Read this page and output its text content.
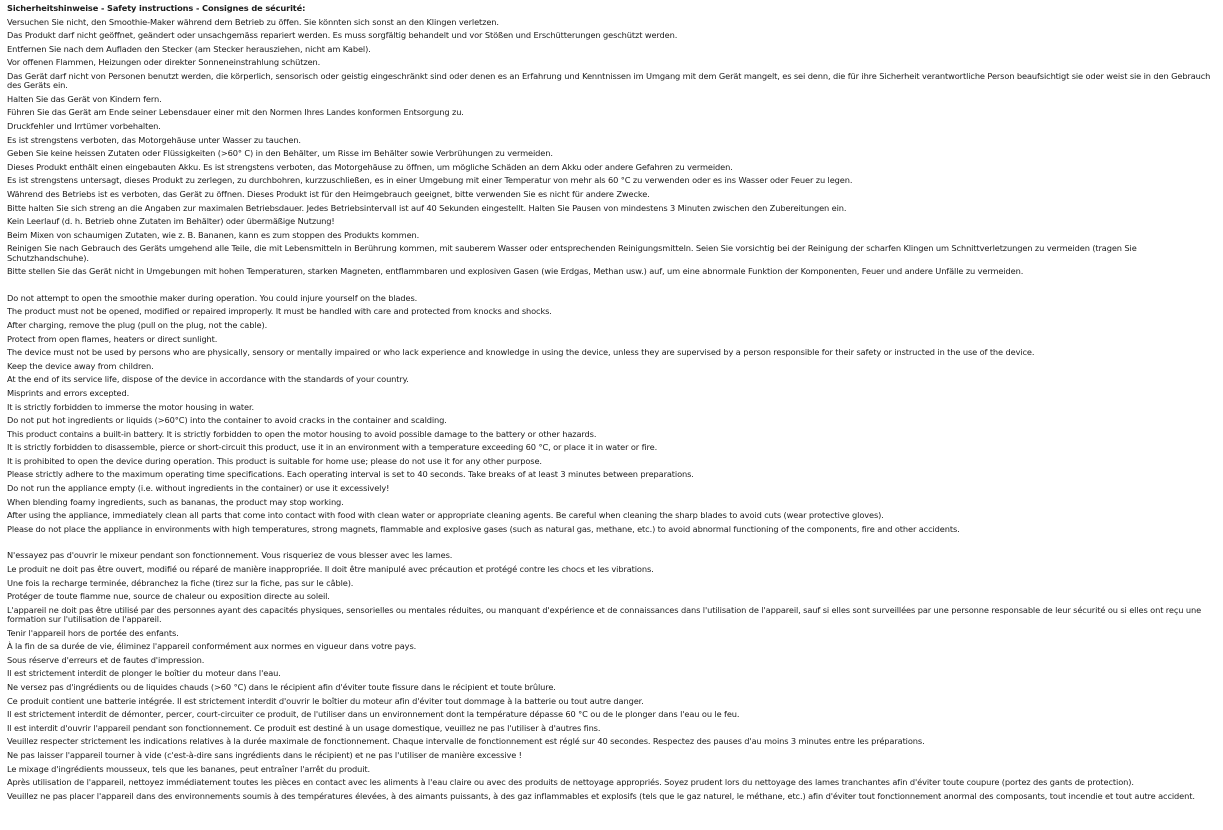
Sicherheitshinweise - Safety instructions - Consignes de sécurité:
Versuchen Sie nicht, den Smoothie-Maker während dem Betrieb zu öffen. Sie könnten sich sonst an den Klingen verletzen.
Das Produkt darf nicht geöffnet, geändert oder unsachgemäss repariert werden. Es muss sorgfältig behandelt und vor Stößen und Erschütterungen geschützt werden.
Entfernen Sie nach dem Aufladen den Stecker (am Stecker herausziehen, nicht am Kabel).
Vor offenen Flammen, Heizungen oder direkter Sonneneinstrahlung schützen.
Das Gerät darf nicht von Personen benutzt werden, die körperlich, sensorisch oder geistig eingeschränkt sind oder denen es an Erfahrung und Kenntnissen im Umgang mit dem Gerät mangelt, es sei denn, die für ihre Sicherheit verantwortliche Person beaufsichtigt sie oder weist sie in den Gebrauch des Geräts ein.
Halten Sie das Gerät von Kindern fern.
Führen Sie das Gerät am Ende seiner Lebensdauer einer mit den Normen Ihres Landes konformen Entsorgung zu.
Druckfehler und Irrtümer vorbehalten.
Es ist strengstens verboten, das Motorgehäuse unter Wasser zu tauchen.
Geben Sie keine heissen Zutaten oder Flüssigkeiten (>60° C) in den Behälter, um Risse im Behälter sowie Verbrühungen zu vermeiden.
Dieses Produkt enthält einen eingebauten Akku. Es ist strengstens verboten, das Motorgehäuse zu öffnen, um mögliche Schäden an dem Akku oder andere Gefahren zu vermeiden.
Es ist strengstens untersagt, dieses Produkt zu zerlegen, zu durchbohren, kurzzuschließen, es in einer Umgebung mit einer Temperatur von mehr als 60 °C zu verwenden oder es ins Wasser oder Feuer zu legen.
Während des Betriebs ist es verboten, das Gerät zu öffnen. Dieses Produkt ist für den Heimgebrauch geeignet, bitte verwenden Sie es nicht für andere Zwecke.
Bitte halten Sie sich streng an die Angaben zur maximalen Betriebsdauer. Jedes Betriebsintervall ist auf 40 Sekunden eingestellt. Halten Sie Pausen von mindestens 3 Minuten zwischen den Zubereitungen ein.
Kein Leerlauf (d. h. Betrieb ohne Zutaten im Behälter) oder übermäßige Nutzung!
Beim Mixen von schaumigen Zutaten, wie z. B. Bananen, kann es zum stoppen des Produkts kommen.
Reinigen Sie nach Gebrauch des Geräts umgehend alle Teile, die mit Lebensmitteln in Berührung kommen, mit sauberem Wasser oder entsprechenden Reinigungsmitteln. Seien Sie vorsichtig bei der Reinigung der scharfen Klingen um Schnittverletzungen zu vermeiden (tragen Sie Schutzhandschuhe).
Bitte stellen Sie das Gerät nicht in Umgebungen mit hohen Temperaturen, starken Magneten, entflammbaren und explosiven Gasen (wie Erdgas, Methan usw.) auf, um eine abnormale Funktion der Komponenten, Feuer und andere Unfälle zu vermeiden.
Do not attempt to open the smoothie maker during operation. You could injure yourself on the blades.
The product must not be opened, modified or repaired improperly. It must be handled with care and protected from knocks and shocks.
After charging, remove the plug (pull on the plug, not the cable).
Protect from open flames, heaters or direct sunlight.
The device must not be used by persons who are physically, sensory or mentally impaired or who lack experience and knowledge in using the device, unless they are supervised by a person responsible for their safety or instructed in the use of the device.
Keep the device away from children.
At the end of its service life, dispose of the device in accordance with the standards of your country.
Misprints and errors excepted.
It is strictly forbidden to immerse the motor housing in water.
Do not put hot ingredients or liquids (>60°C) into the container to avoid cracks in the container and scalding.
This product contains a built-in battery. It is strictly forbidden to open the motor housing to avoid possible damage to the battery or other hazards.
It is strictly forbidden to disassemble, pierce or short-circuit this product, use it in an environment with a temperature exceeding 60 °C, or place it in water or fire.
It is prohibited to open the device during operation. This product is suitable for home use; please do not use it for any other purpose.
Please strictly adhere to the maximum operating time specifications. Each operating interval is set to 40 seconds. Take breaks of at least 3 minutes between preparations.
Do not run the appliance empty (i.e. without ingredients in the container) or use it excessively!
When blending foamy ingredients, such as bananas, the product may stop working.
After using the appliance, immediately clean all parts that come into contact with food with clean water or appropriate cleaning agents. Be careful when cleaning the sharp blades to avoid cuts (wear protective gloves).
Please do not place the appliance in environments with high temperatures, strong magnets, flammable and explosive gases (such as natural gas, methane, etc.) to avoid abnormal functioning of the components, fire and other accidents.
N'essayez pas d'ouvrir le mixeur pendant son fonctionnement. Vous risqueriez de vous blesser avec les lames.
Le produit ne doit pas être ouvert, modifié ou réparé de manière inappropriée. Il doit être manipulé avec précaution et protégé contre les chocs et les vibrations.
Une fois la recharge terminée, débranchez la fiche (tirez sur la fiche, pas sur le câble).
Protéger de toute flamme nue, source de chaleur ou exposition directe au soleil.
L'appareil ne doit pas être utilisé par des personnes ayant des capacités physiques, sensorielles ou mentales réduites, ou manquant d'expérience et de connaissances dans l'utilisation de l'appareil, sauf si elles sont surveillées par une personne responsable de leur sécurité ou si elles ont reçu une formation sur l'utilisation de l'appareil.
Tenir l'appareil hors de portée des enfants.
À la fin de sa durée de vie, éliminez l'appareil conformément aux normes en vigueur dans votre pays.
Sous réserve d'erreurs et de fautes d'impression.
Il est strictement interdit de plonger le boîtier du moteur dans l'eau.
Ne versez pas d'ingrédients ou de liquides chauds (>60 °C) dans le récipient afin d'éviter toute fissure dans le récipient et toute brûlure.
Ce produit contient une batterie intégrée. Il est strictement interdit d'ouvrir le boîtier du moteur afin d'éviter tout dommage à la batterie ou tout autre danger.
Il est strictement interdit de démonter, percer, court-circuiter ce produit, de l'utiliser dans un environnement dont la température dépasse 60 °C ou de le plonger dans l'eau ou le feu.
Il est interdit d'ouvrir l'appareil pendant son fonctionnement. Ce produit est destiné à un usage domestique, veuillez ne pas l'utiliser à d'autres fins.
Veuillez respecter strictement les indications relatives à la durée maximale de fonctionnement. Chaque intervalle de fonctionnement est réglé sur 40 secondes. Respectez des pauses d'au moins 3 minutes entre les préparations.
Ne pas laisser l'appareil tourner à vide (c'est-à-dire sans ingrédients dans le récipient) et ne pas l'utiliser de manière excessive !
Le mixage d'ingrédients mousseux, tels que les bananes, peut entraîner l'arrêt du produit.
Après utilisation de l'appareil, nettoyez immédiatement toutes les pièces en contact avec les aliments à l'eau claire ou avec des produits de nettoyage appropriés. Soyez prudent lors du nettoyage des lames tranchantes afin d'éviter toute coupure (portez des gants de protection).
Veuillez ne pas placer l'appareil dans des environnements soumis à des températures élevées, à des aimants puissants, à des gaz inflammables et explosifs (tels que le gaz naturel, le méthane, etc.) afin d'éviter tout fonctionnement anormal des composants, tout incendie et tout autre accident.
